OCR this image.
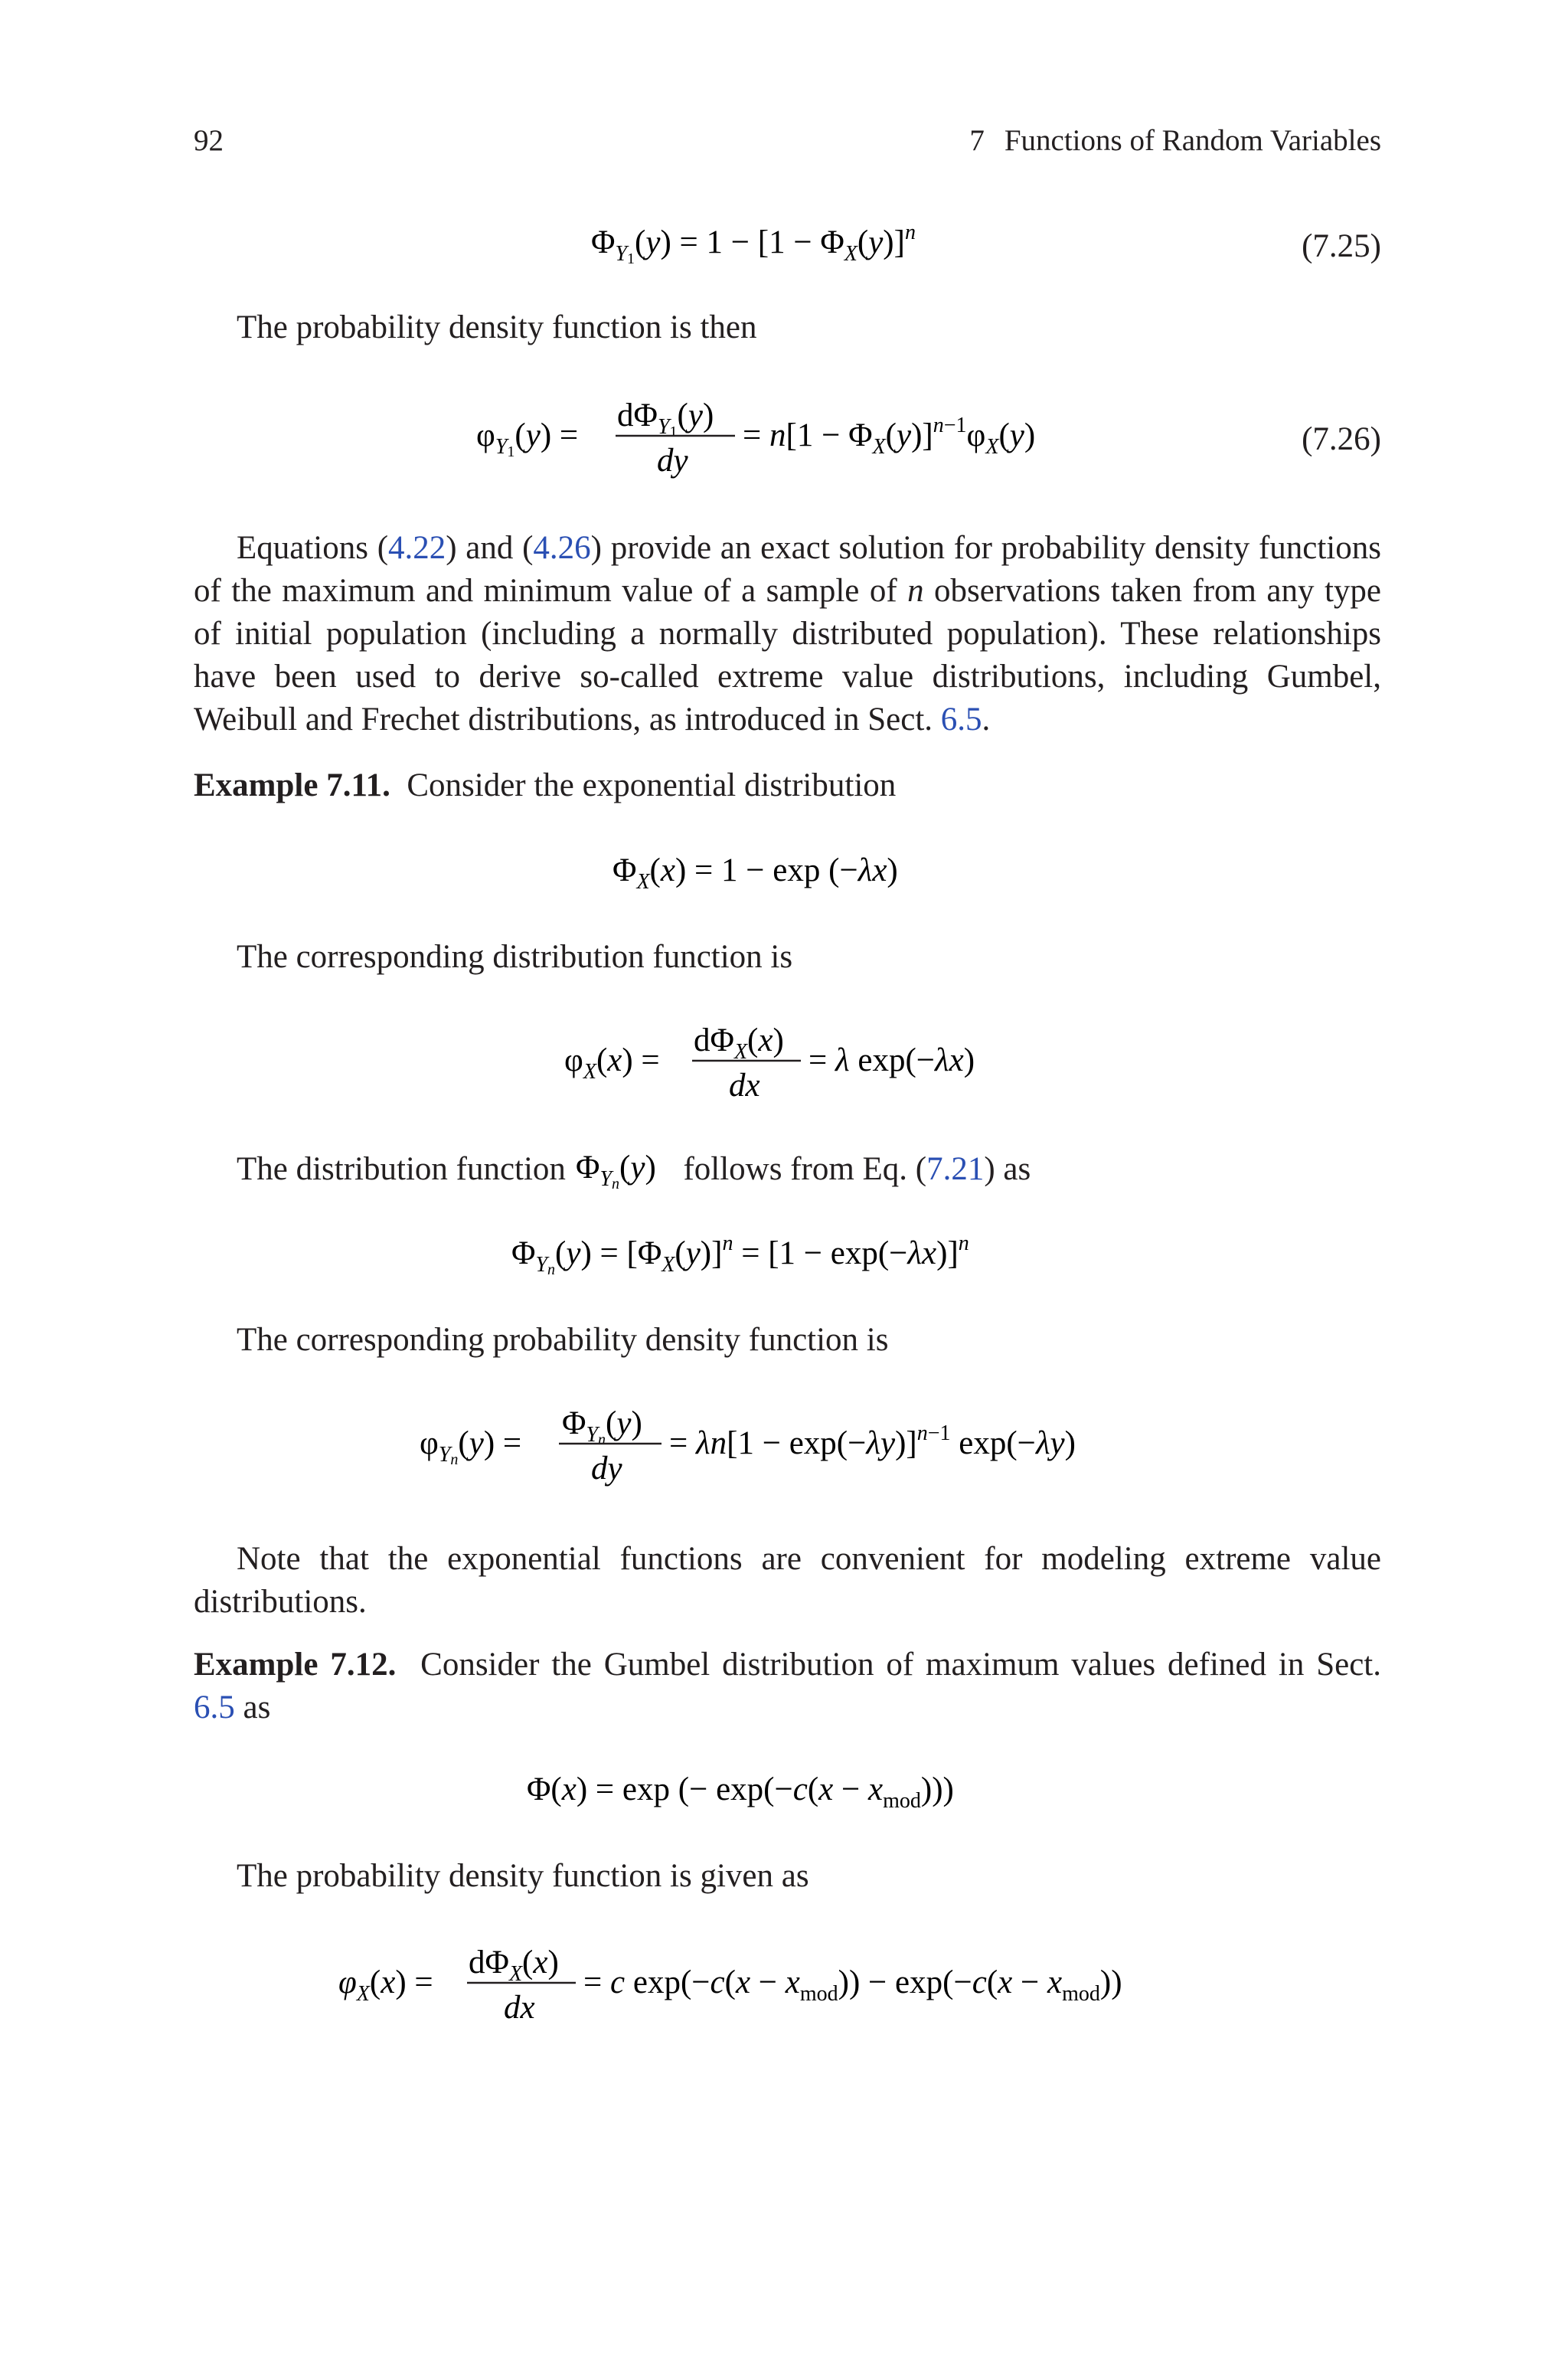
92	7 Functions of Random Variables
$\Phi_Y1(y) = 1 - [1 - \Phi_X(y)]^n$	(7.25)
The probability density function is then
$\varphi_Y1(y)$ =
$d\Phi_Y1(y)$
dy
= $n[1 - \Phi_X(y)]^{n-1}\varphi_X(y)$	(7.26)
Equations (4.22) and (4.26) provide an exact solution for probability density functions of the maximum and minimum value of a sample of n observations taken from any type of initial population (including a normally distributed population). These relationships have been used to derive so-called extreme value distributions, including Gumbel, Weibull and Frechet distributions, as introduced in Sect. 6.5.
Example 7.11. Consider the exponential distribution
$\Phi_X(x) = 1 - \exp (-\lambda x)$
The corresponding distribution function is
$\varphi_X(x)$ =
$d\Phi_X(x)$
dx
= λ exp(−λx)
The distribution function $\Phi_Yn(y)$ follows from Eq. (7.21) as
$\Phi_Yn(y) = [\Phi_X(y)]^n = [1 - \exp(-\lambda x)]^n$
The corresponding probability density function is
$\varphi_Yn(y)$ =
$\Phi_Yn(y)$
dy
= $\lambda n[1 - \exp(-\lambda y)]^{n-1}$ exp(−λy)
Note that the exponential functions are convenient for modeling extreme value distributions.
Example 7.12. Consider the Gumbel distribution of maximum values defined in Sect. 6.5 as
Φ(x) = exp (− $\exp(-c(x - x_{mod}))$)
The probability density function is given as
$\varphi_X(x)$ =
$d\Phi_X(x)$
dx
= c $\exp(-c(x - x_{mod})) - \exp(-c(x - x_{mod}))$
